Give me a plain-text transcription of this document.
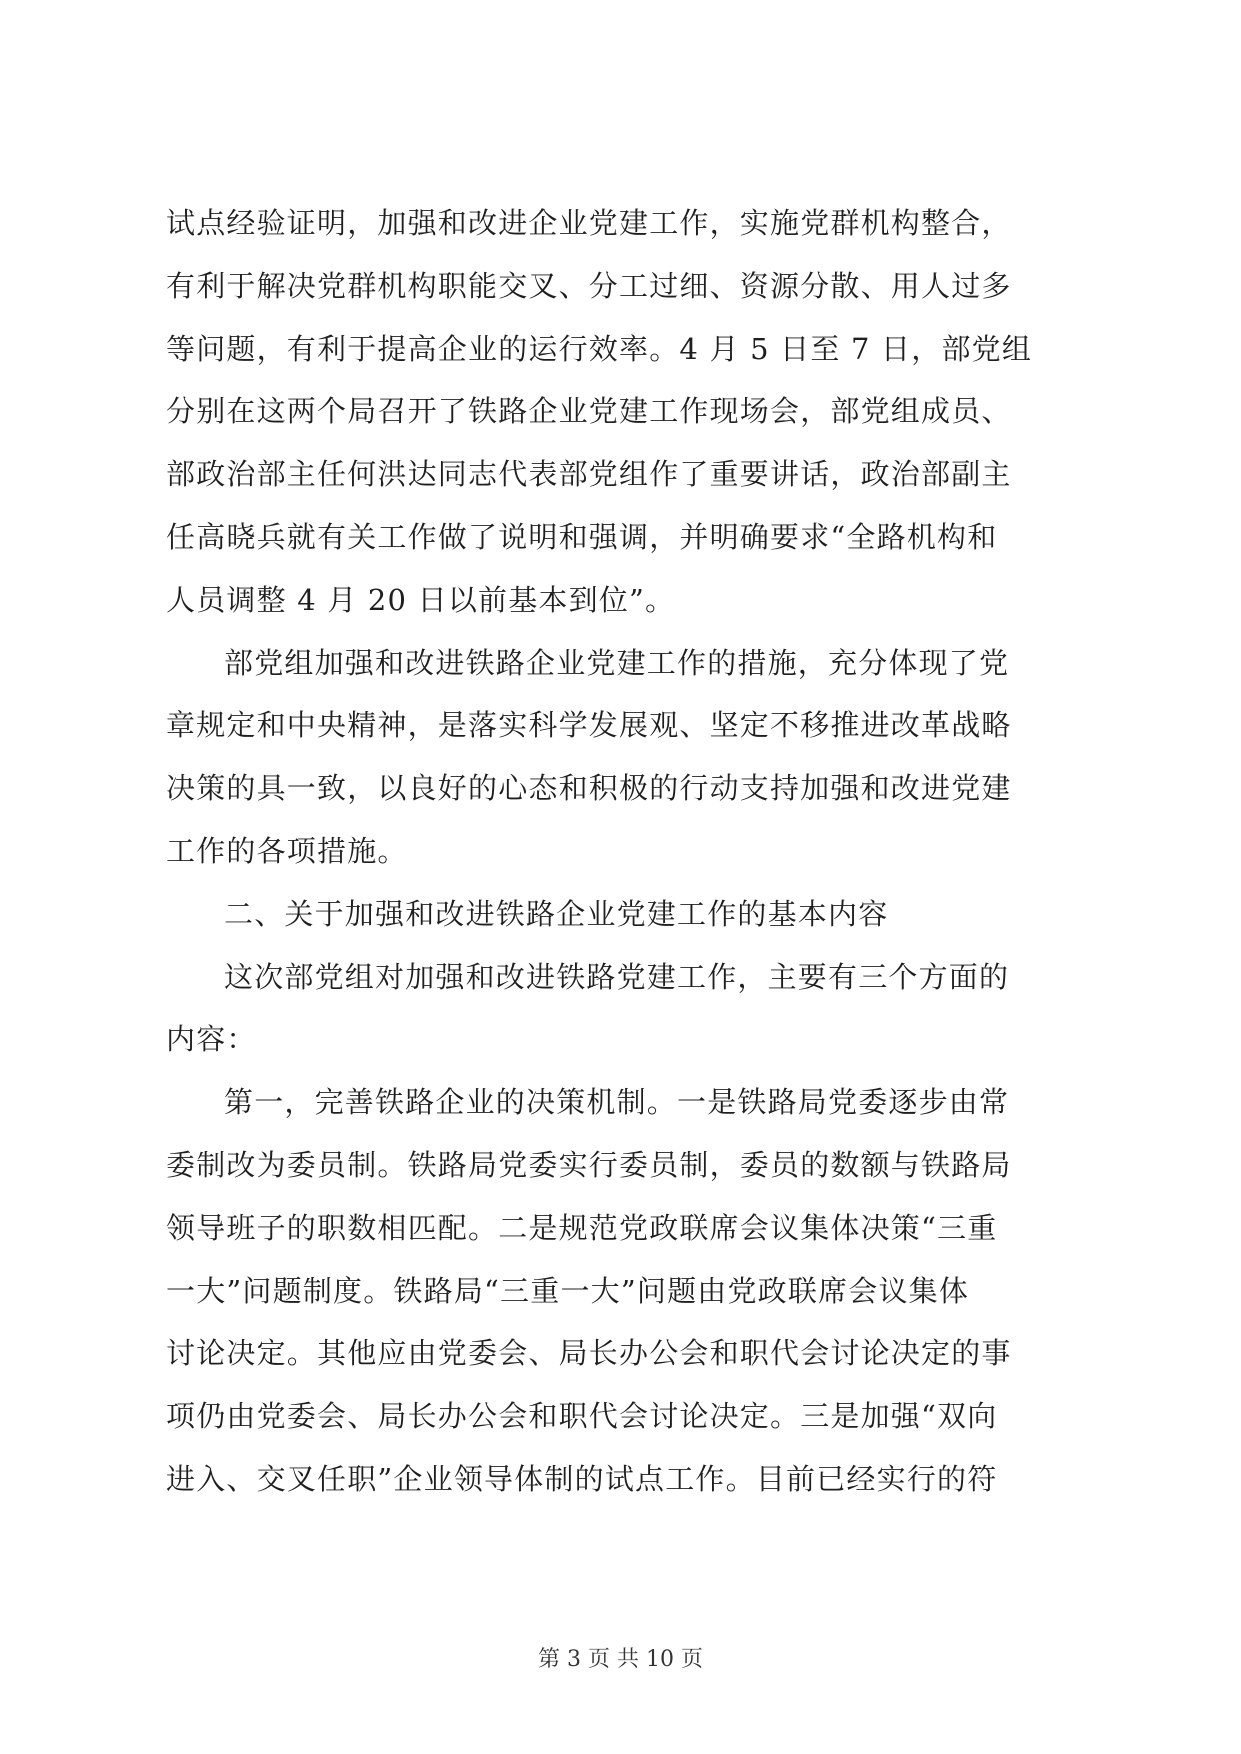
试点经验证明，加强和改进企业党建工作，实施党群机构整合，
有利于解决党群机构职能交叉、分工过细、资源分散、用人过多
等问题，有利于提高企业的运行效率。4 月 5 日至 7 日，部党组
分别在这两个局召开了铁路企业党建工作现场会，部党组成员、
部政治部主任何洪达同志代表部党组作了重要讲话，政治部副主
任高晓兵就有关工作做了说明和强调，并明确要求“全路机构和
人员调整 4 月 20 日以前基本到位”。
部党组加强和改进铁路企业党建工作的措施，充分体现了党
章规定和中央精神，是落实科学发展观、坚定不移推进改革战略
决策的具一致，以良好的心态和积极的行动支持加强和改进党建
工作的各项措施。
二、关于加强和改进铁路企业党建工作的基本内容
这次部党组对加强和改进铁路党建工作，主要有三个方面的
内容：
第一，完善铁路企业的决策机制。一是铁路局党委逐步由常
委制改为委员制。铁路局党委实行委员制，委员的数额与铁路局
领导班子的职数相匹配。二是规范党政联席会议集体决策“三重
一大”问题制度。铁路局“三重一大”问题由党政联席会议集体
讨论决定。其他应由党委会、局长办公会和职代会讨论决定的事
项仍由党委会、局长办公会和职代会讨论决定。三是加强“双向
进入、交叉任职”企业领导体制的试点工作。目前已经实行的符
第 3 页 共 10 页
